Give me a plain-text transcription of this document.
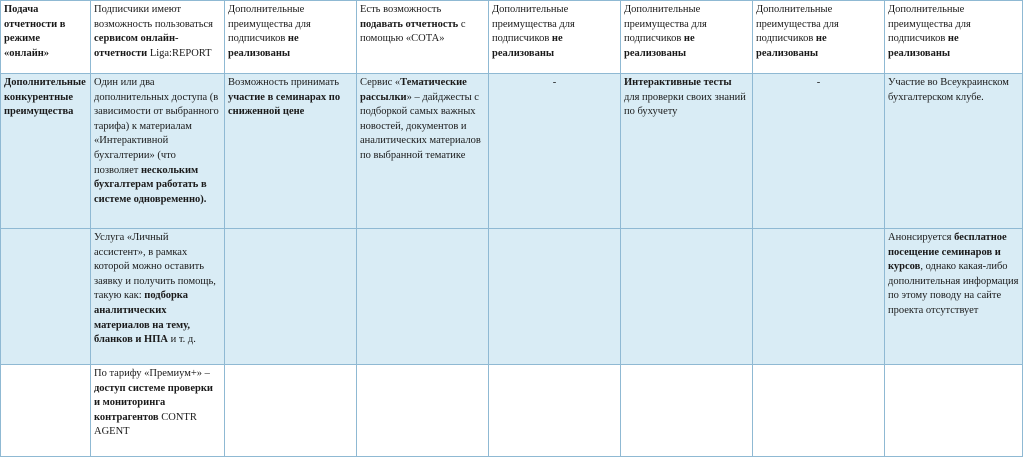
Подача отчетности в режиме «онлайн»	Подписчики имеют возможность пользоваться сервисом онлайн-отчетности Liga:REPORT	Дополнительные преимущества для подписчиков не реализованы	Есть возможность подавать отчетность с помощью «СОТА»	Дополнительные преимущества для подписчиков не реализованы	Дополнительные преимущества для подписчиков не реализованы	Дополнительные преимущества для подписчиков не реализованы	Дополнительные преимущества для подписчиков не реализованы
Дополнительные конкурентные преимущества	Один или два дополнительных доступа (в зависимости от выбранного тарифа) к материалам «Интерактивной бухгалтерии» (что позволяет нескольким бухгалтерам работать в системе одновременно).	Возможность принимать участие в семинарах по сниженной цене	Сервис «Тематические рассылки» – дайджесты с подборкой самых важных новостей, документов и аналитических материалов по выбранной тематике	-	Интерактивные тесты для проверки своих знаний по бухучету	-	Участие во Всеукраинском бухгалтерском клубе.
	Услуга «Личный ассистент», в рамках которой можно оставить заявку и получить помощь, такую как: подборка аналитических материалов на тему, бланков и НПА и т. д.						Анонсируется бесплатное посещение семинаров и курсов, однако какая-либо дополнительная информация по этому поводу на сайте проекта отсутствует
	По тарифу «Премиум+» – доступ системе проверки и мониторинга контрагентов CONTR AGENT						
